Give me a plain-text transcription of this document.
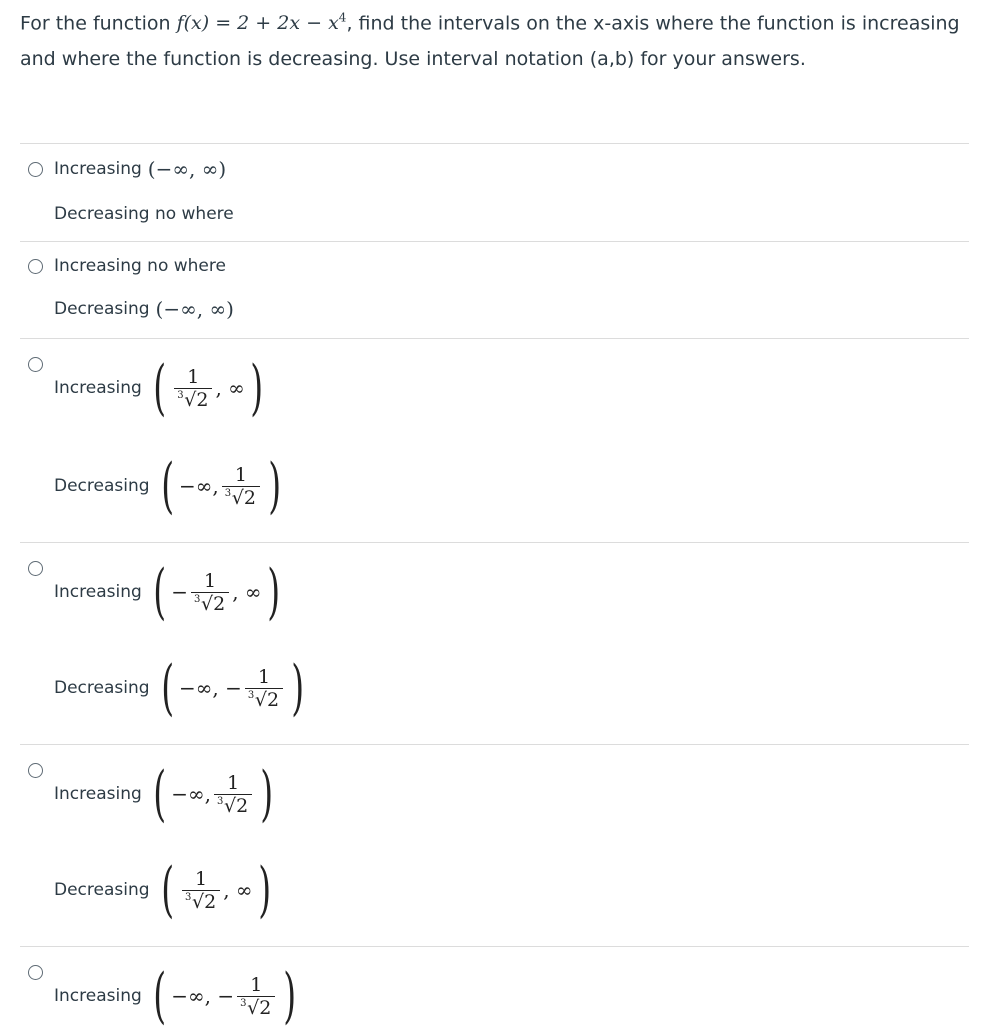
For the function $f(x) = 2 + 2x - x^4$, find the intervals on the x-axis where the function is increasing and where the function is decreasing. Use interval notation (a,b) for your answers.
Increasing (−∞, ∞)
Decreasing no where
Increasing no where
Decreasing (−∞, ∞)
Increasing ( $\frac{1}{3 √2}$ , ∞ )
Decreasing ( −∞, $\frac{1}{3 √2}$ )
Increasing ( − $\frac{1}{3 √2}$ , ∞ )
Decreasing ( −∞,
− $\frac{1}{3 √2}$ )
Increasing ( −∞, $\frac{1}{3 √2}$ )
Decreasing ( $\frac{1}{3 √2}$ , ∞ )
Increasing ( −∞,
− $\frac{1}{3 √2}$ )
